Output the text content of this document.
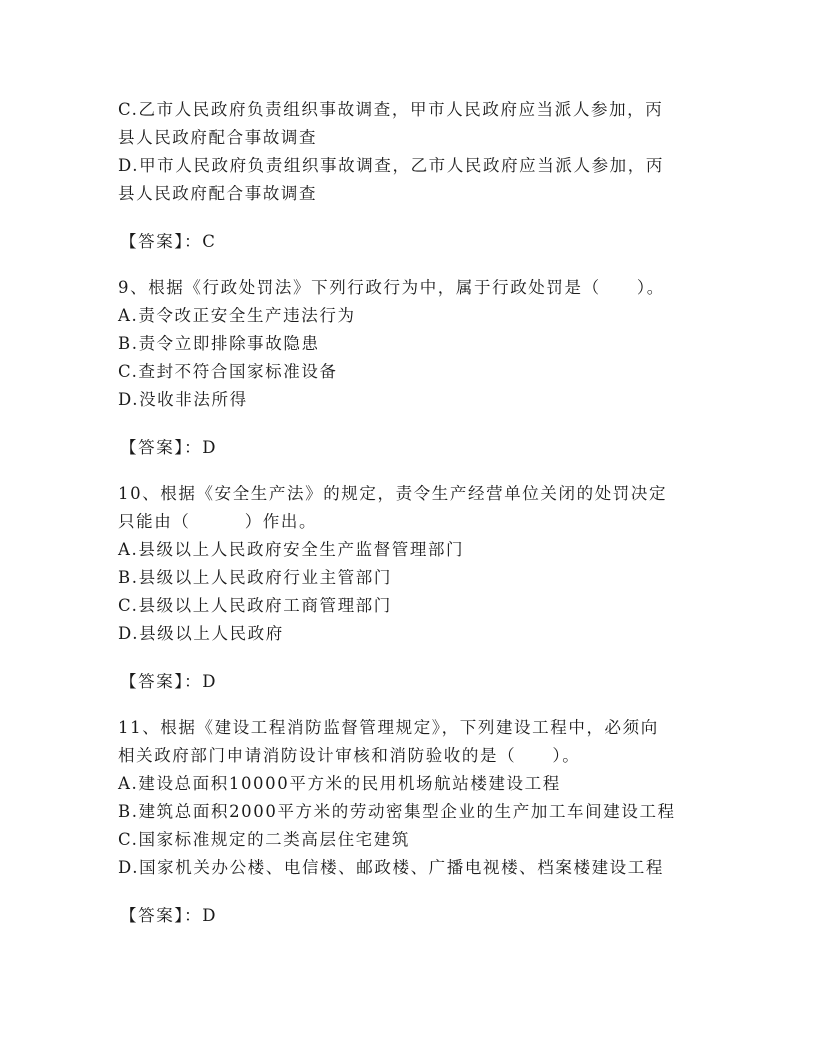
C.乙市人民政府负责组织事故调查，甲市人民政府应当派人参加，丙
县人民政府配合事故调查
D.甲市人民政府负责组织事故调查，乙市人民政府应当派人参加，丙
县人民政府配合事故调查
【答案】：C
9、根据《行政处罚法》下列行政行为中，属于行政处罚是（　　）。
A.责令改正安全生产违法行为
B.责令立即排除事故隐患
C.查封不符合国家标准设备
D.没收非法所得
【答案】：D
10、根据《安全生产法》的规定，责令生产经营单位关闭的处罚决定
只能由（　　　）作出。
A.县级以上人民政府安全生产监督管理部门
B.县级以上人民政府行业主管部门
C.县级以上人民政府工商管理部门
D.县级以上人民政府
【答案】：D
11、根据《建设工程消防监督管理规定》，下列建设工程中，必须向
相关政府部门申请消防设计审核和消防验收的是（　　）。
A.建设总面积10000平方米的民用机场航站楼建设工程
B.建筑总面积2000平方米的劳动密集型企业的生产加工车间建设工程
C.国家标准规定的二类高层住宅建筑
D.国家机关办公楼、电信楼、邮政楼、广播电视楼、档案楼建设工程
【答案】：D
